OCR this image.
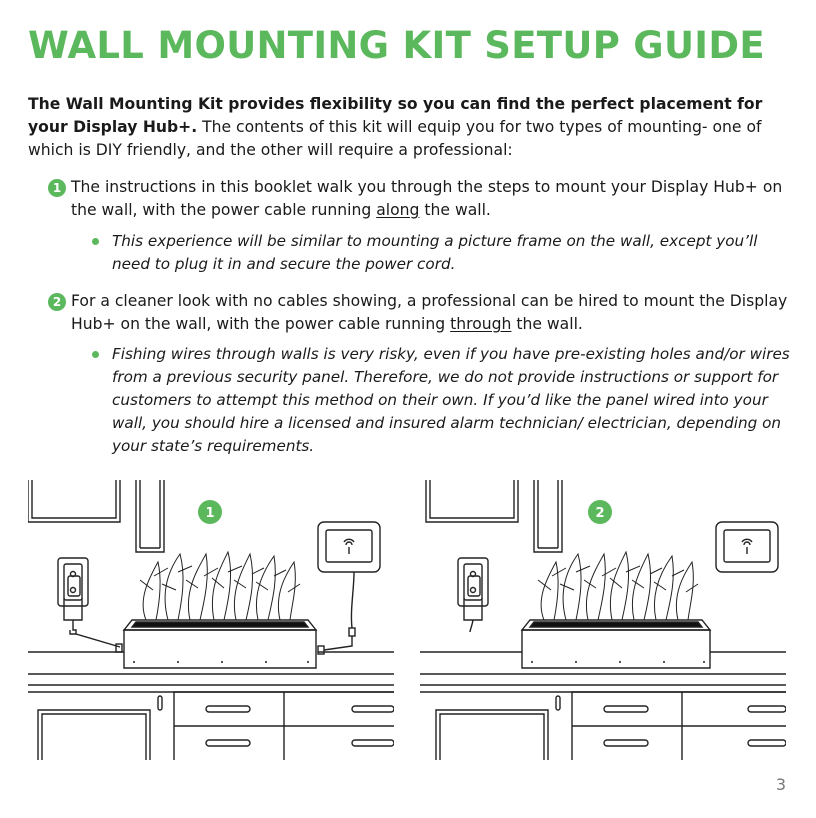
WALL MOUNTING KIT SETUP GUIDE
The Wall Mounting Kit provides flexibility so you can find the perfect placement for your Display Hub+. The contents of this kit will equip you for two types of mounting- one of which is DIY friendly, and the other will require a professional:
1 The instructions in this booklet walk you through the steps to mount your Display Hub+ on the wall, with the power cable running along the wall.
This experience will be similar to mounting a picture frame on the wall, except you’ll need to plug it in and secure the power cord.
2 For a cleaner look with no cables showing, a professional can be hired to mount the Display Hub+ on the wall, with the power cable running through the wall.
Fishing wires through walls is very risky, even if you have pre-existing holes and/or wires from a previous security panel. Therefore, we do not provide instructions or support for customers to attempt this method on their own. If you’d like the panel wired into your wall, you should hire a licensed and insured alarm technician/ electrician, depending on your state’s requirements.
1	2
3
